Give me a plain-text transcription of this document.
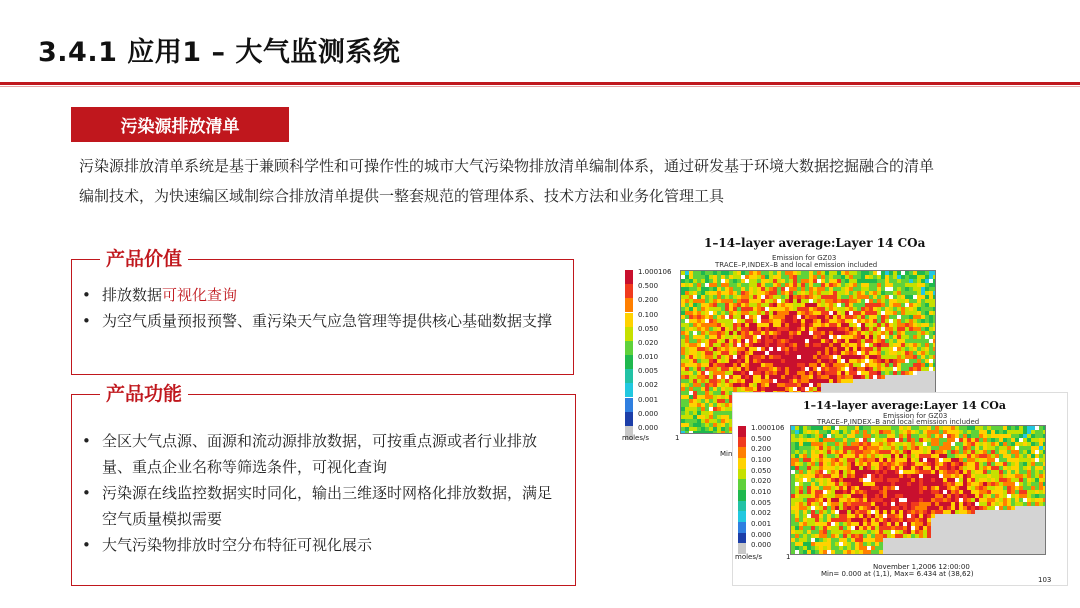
3.4.1 应用1 – 大气监测系统
污染源排放清单
污染源排放清单系统是基于兼顾科学性和可操作性的城市大气污染物排放清单编制体系，通过研发基于环境大数据挖掘融合的清单
编制技术，为快速编区域制综合排放清单提供一整套规范的管理体系、技术方法和业务化管理工具
产品价值
• 排放数据可视化查询
• 为空气质量预报预警、重污染天气应急管理等提供核心基础数据支撑
产品功能
• 全区大气点源、面源和流动源排放数据，可按重点源或者行业排放量、重点企业名称等筛选条件，可视化查询
• 污染源在线监控数据实时同化，输出三维逐时网格化排放数据，满足空气质量模拟需要
• 大气污染物排放时空分布特征可视化展示
1–14–layer average:Layer 14 COa
Emission for GZ03
TRACE–P,INDEX–B and local emission included
1.000106
0.500
0.200
0.100
0.050
0.020
0.010
0.005
0.002
0.001
0.000
0.000
moles/s	1
Min
1–14–layer average:Layer 14 COa
Emission for GZ03
TRACE–P,INDEX–B and local emission included
1.000106
0.500
0.200
0.100
0.050
0.020
0.010
0.005
0.002
0.001
0.000
0.000
moles/s	1
103
November 1,2006 12:00:00
Min= 0.000 at (1,1), Max= 6.434 at (38,62)
